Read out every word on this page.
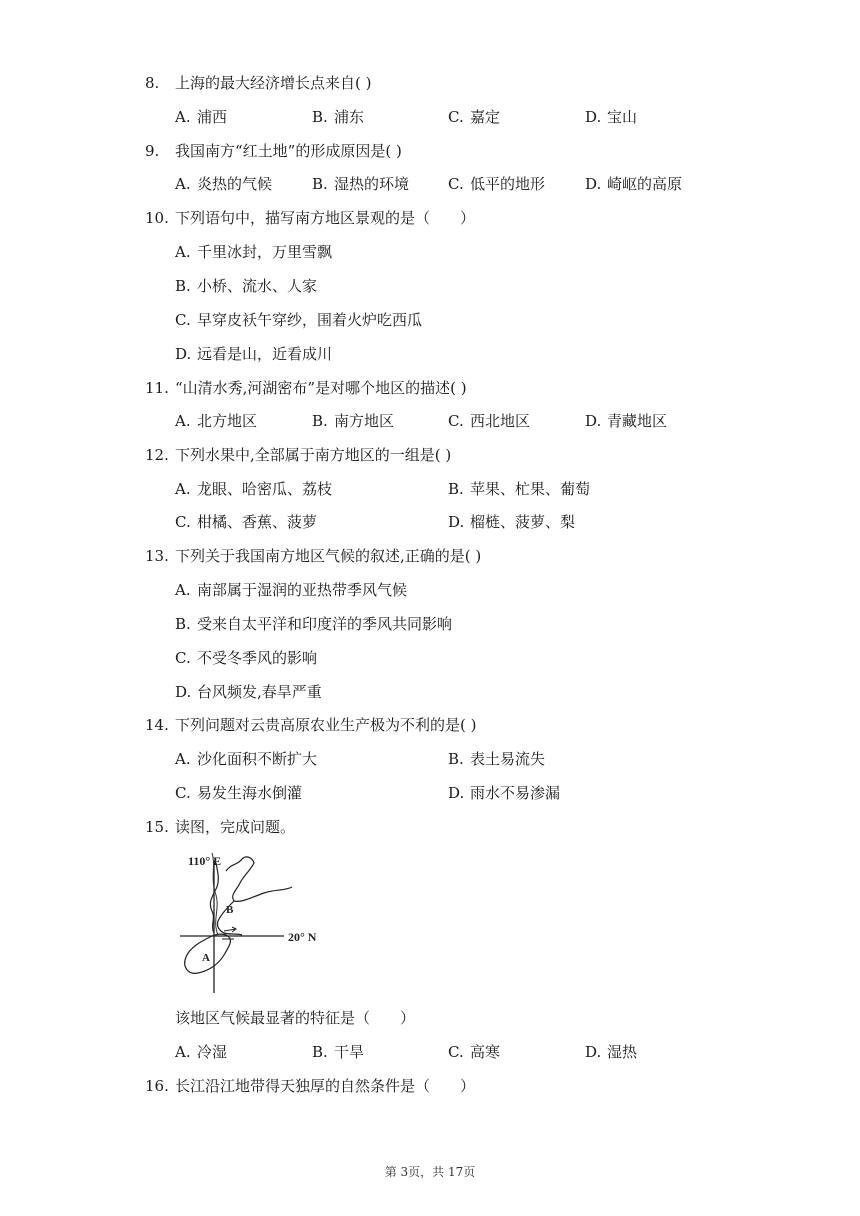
8. 上海的最大经济增长点来自( )
A. 浦西	B. 浦东	C. 嘉定	D. 宝山
9. 我国南方“红土地”的形成原因是( )
A. 炎热的气候	B. 湿热的环境	C. 低平的地形	D. 崎岖的高原
10. 下列语句中，描写南方地区景观的是（　　）
A. 千里冰封，万里雪飘
B. 小桥、流水、人家
C. 早穿皮袄午穿纱，围着火炉吃西瓜
D. 远看是山，近看成川
11. “山清水秀,河湖密布”是对哪个地区的描述( )
A. 北方地区	B. 南方地区	C. 西北地区	D. 青藏地区
12. 下列水果中,全部属于南方地区的一组是( )
A. 龙眼、哈密瓜、荔枝	B. 苹果、杧果、葡萄
C. 柑橘、香蕉、菠萝	D. 榴梿、菠萝、梨
13. 下列关于我国南方地区气候的叙述,正确的是( )
A. 南部属于湿润的亚热带季风气候
B. 受来自太平洋和印度洋的季风共同影响
C. 不受冬季风的影响
D. 台风频发,春旱严重
14. 下列问题对云贵高原农业生产极为不利的是( )
A. 沙化面积不断扩大	B. 表土易流失
C. 易发生海水倒灌	D. 雨水不易渗漏
15. 读图，完成问题。
110° E
20° N
A
B
该地区气候最显著的特征是（　　）
A. 冷湿	B. 干旱	C. 高寒	D. 湿热
16. 长江沿江地带得天独厚的自然条件是（　　）
第 3页，共 17页
